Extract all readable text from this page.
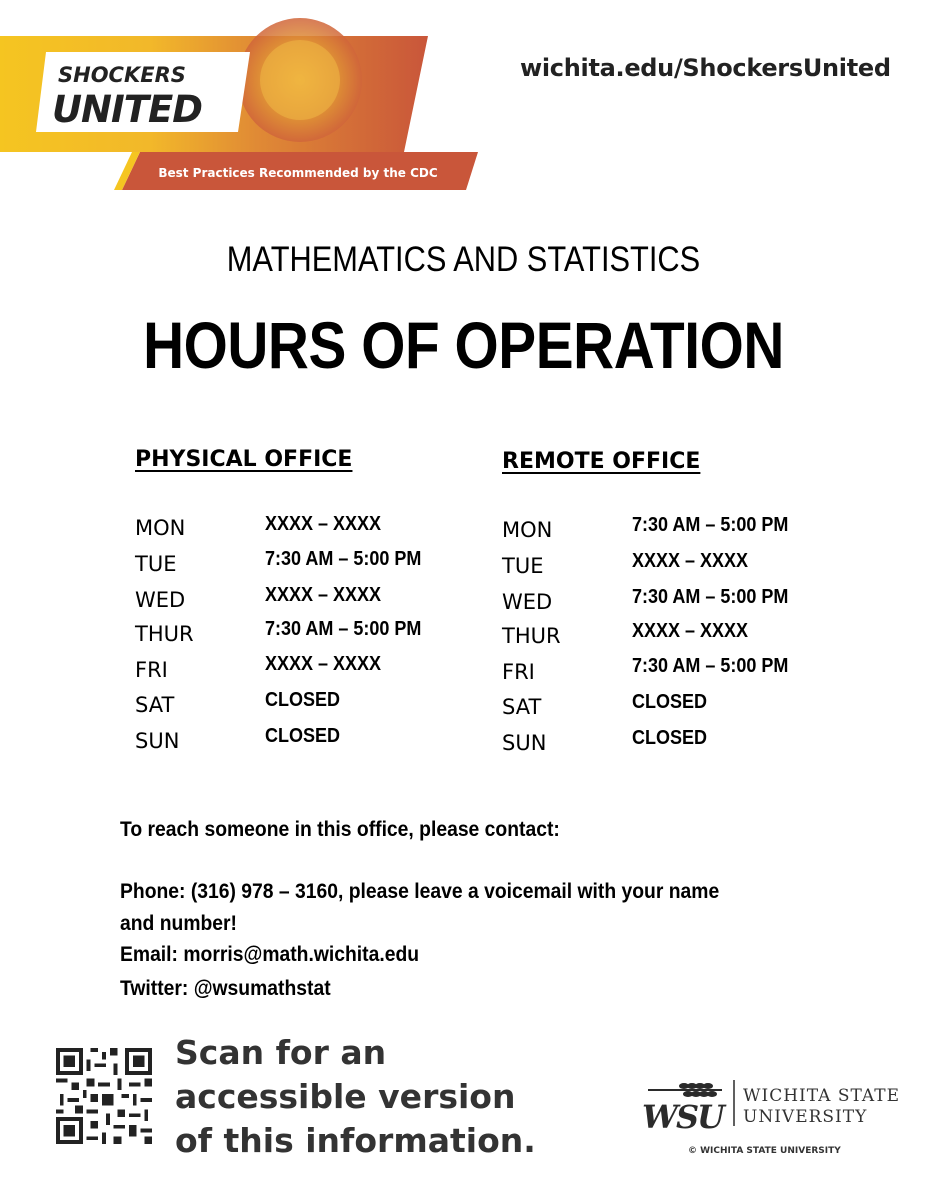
Best Practices Recommended by the CDC
SHOCKERS
UNITED
wichita.edu/ShockersUnited
MATHEMATICS AND STATISTICS
HOURS OF OPERATION
PHYSICAL OFFICE
MON	XXXX – XXXX
TUE	7:30 AM – 5:00 PM
WED	XXXX – XXXX
THUR	7:30 AM – 5:00 PM
FRI	XXXX – XXXX
SAT	CLOSED
SUN	CLOSED
REMOTE OFFICE
MON	7:30 AM – 5:00 PM
TUE	XXXX – XXXX
WED	7:30 AM – 5:00 PM
THUR	XXXX – XXXX
FRI	7:30 AM – 5:00 PM
SAT	CLOSED
SUN	CLOSED
To reach someone in this office, please contact:
Phone: (316) 978 – 3160, please leave a voicemail with your name
and number!
Email: morris@math.wichita.edu
Twitter: @wsumathstat
Scan for an
accessible version
of this information.
WSU
WICHITA STATE
UNIVERSITY
© WICHITA STATE UNIVERSITY
